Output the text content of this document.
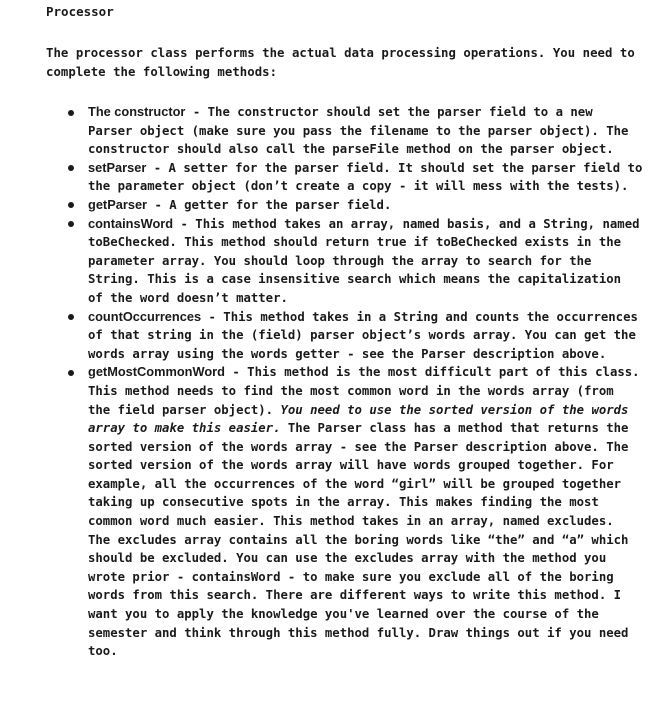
Processor

The processor class performs the actual data processing operations. You need to complete the following methods:

The constructor - The constructor should set the parser field to a new Parser object (make sure you pass the filename to the parser object). The constructor should also call the parseFile method on the parser object.
setParser - A setter for the parser field. It should set the parser field to the parameter object (don’t create a copy - it will mess with the tests).
getParser - A getter for the parser field.
containsWord - This method takes an array, named basis, and a String, named toBeChecked. This method should return true if toBeChecked exists in the parameter array. You should loop through the array to search for the String. This is a case insensitive search which means the capitalization of the word doesn’t matter.
countOccurrences - This method takes in a String and counts the occurrences of that string in the (field) parser object’s words array. You can get the words array using the words getter - see the Parser description above.
getMostCommonWord - This method is the most difficult part of this class. This method needs to find the most common word in the words array (from the field parser object). You need to use the sorted version of the words array to make this easier. The Parser class has a method that returns the sorted version of the words array - see the Parser description above. The sorted version of the words array will have words grouped together. For example, all the occurrences of the word “girl” will be grouped together taking up consecutive spots in the array. This makes finding the most common word much easier. This method takes in an array, named excludes. The excludes array contains all the boring words like “the” and “a” which should be excluded. You can use the excludes array with the method you wrote prior - containsWord - to make sure you exclude all of the boring words from this search. There are different ways to write this method. I want you to apply the knowledge you've learned over the course of the semester and think through this method fully. Draw things out if you need too.
